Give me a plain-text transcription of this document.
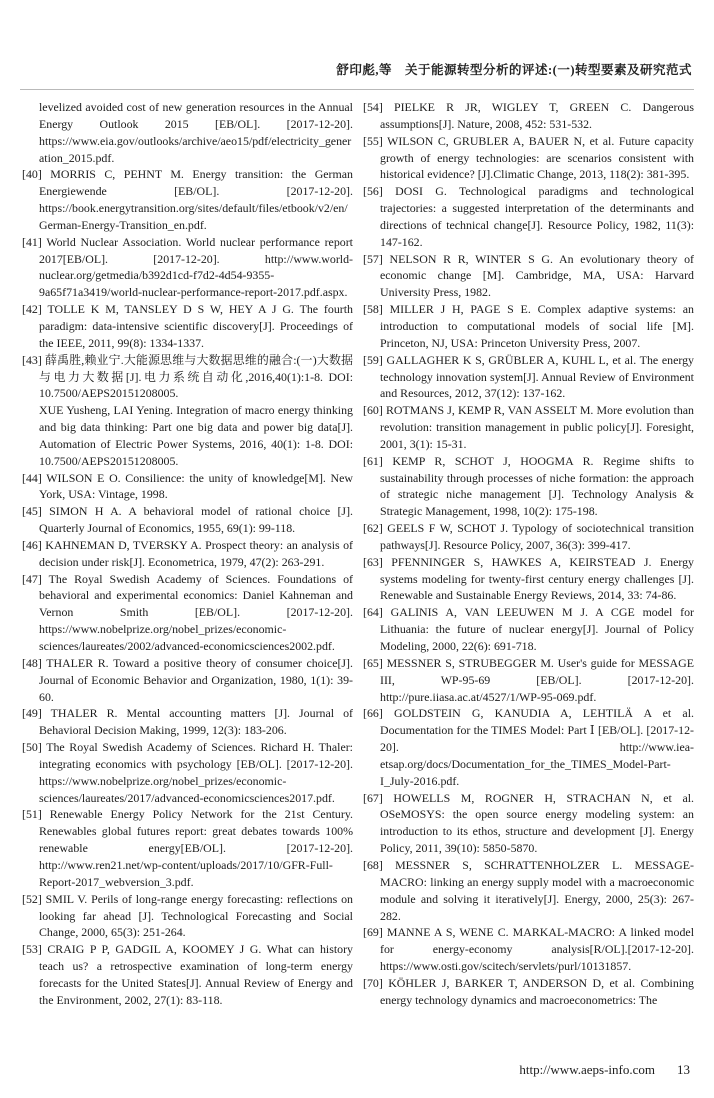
舒印彪,等　关于能源转型分析的评述:(一)转型要素及研究范式
levelized avoided cost of new generation resources in the Annual Energy Outlook 2015 [EB/OL]. [2017-12-20]. https://www.eia.gov/outlooks/archive/aeo15/pdf/electricity_generation_2015.pdf.
[40] MORRIS C, PEHNT M. Energy transition: the German Energiewende [EB/OL]. [2017-12-20]. https://book.energytransition.org/sites/default/files/etbook/v2/en/German-Energy-Transition_en.pdf.
[41] World Nuclear Association. World nuclear performance report 2017[EB/OL]. [2017-12-20]. http://www.world-nuclear.org/getmedia/b392d1cd-f7d2-4d54-9355-9a65f71a3419/world-nuclear-performance-report-2017.pdf.aspx.
[42] TOLLE K M, TANSLEY D S W, HEY A J G. The fourth paradigm: data-intensive scientific discovery[J]. Proceedings of the IEEE, 2011, 99(8): 1334-1337.
[43] 薛禹胜,赖业宁.大能源思维与大数据思维的融合:(一)大数据与电力大数据[J].电力系统自动化,2016,40(1):1-8. DOI: 10.7500/AEPS20151208005.
XUE Yusheng, LAI Yening. Integration of macro energy thinking and big data thinking: Part one big data and power big data[J]. Automation of Electric Power Systems, 2016, 40(1): 1-8. DOI: 10.7500/AEPS20151208005.
[44] WILSON E O. Consilience: the unity of knowledge[M]. New York, USA: Vintage, 1998.
[45] SIMON H A. A behavioral model of rational choice [J]. Quarterly Journal of Economics, 1955, 69(1): 99-118.
[46] KAHNEMAN D, TVERSKY A. Prospect theory: an analysis of decision under risk[J]. Econometrica, 1979, 47(2): 263-291.
[47] The Royal Swedish Academy of Sciences. Foundations of behavioral and experimental economics: Daniel Kahneman and Vernon Smith [EB/OL]. [2017-12-20]. https://www.nobelprize.org/nobel_prizes/economic-sciences/laureates/2002/advanced-economicsciences2002.pdf.
[48] THALER R. Toward a positive theory of consumer choice[J]. Journal of Economic Behavior and Organization, 1980, 1(1): 39-60.
[49] THALER R. Mental accounting matters [J]. Journal of Behavioral Decision Making, 1999, 12(3): 183-206.
[50] The Royal Swedish Academy of Sciences. Richard H. Thaler: integrating economics with psychology [EB/OL]. [2017-12-20]. https://www.nobelprize.org/nobel_prizes/economic-sciences/laureates/2017/advanced-economicsciences2017.pdf.
[51] Renewable Energy Policy Network for the 21st Century. Renewables global futures report: great debates towards 100% renewable energy[EB/OL]. [2017-12-20]. http://www.ren21.net/wp-content/uploads/2017/10/GFR-Full-Report-2017_webversion_3.pdf.
[52] SMIL V. Perils of long-range energy forecasting: reflections on looking far ahead [J]. Technological Forecasting and Social Change, 2000, 65(3): 251-264.
[53] CRAIG P P, GADGIL A, KOOMEY J G. What can history teach us? a retrospective examination of long-term energy forecasts for the United States[J]. Annual Review of Energy and the Environment, 2002, 27(1): 83-118.
[54] PIELKE R JR, WIGLEY T, GREEN C. Dangerous assumptions[J]. Nature, 2008, 452: 531-532.
[55] WILSON C, GRUBLER A, BAUER N, et al. Future capacity growth of energy technologies: are scenarios consistent with historical evidence? [J].Climatic Change, 2013, 118(2): 381-395.
[56] DOSI G. Technological paradigms and technological trajectories: a suggested interpretation of the determinants and directions of technical change[J]. Resource Policy, 1982, 11(3): 147-162.
[57] NELSON R R, WINTER S G. An evolutionary theory of economic change [M]. Cambridge, MA, USA: Harvard University Press, 1982.
[58] MILLER J H, PAGE S E. Complex adaptive systems: an introduction to computational models of social life [M]. Princeton, NJ, USA: Princeton University Press, 2007.
[59] GALLAGHER K S, GRÜBLER A, KUHL L, et al. The energy technology innovation system[J]. Annual Review of Environment and Resources, 2012, 37(12): 137-162.
[60] ROTMANS J, KEMP R, VAN ASSELT M. More evolution than revolution: transition management in public policy[J]. Foresight, 2001, 3(1): 15-31.
[61] KEMP R, SCHOT J, HOOGMA R. Regime shifts to sustainability through processes of niche formation: the approach of strategic niche management [J]. Technology Analysis & Strategic Management, 1998, 10(2): 175-198.
[62] GEELS F W, SCHOT J. Typology of sociotechnical transition pathways[J]. Resource Policy, 2007, 36(3): 399-417.
[63] PFENNINGER S, HAWKES A, KEIRSTEAD J. Energy systems modeling for twenty-first century energy challenges [J]. Renewable and Sustainable Energy Reviews, 2014, 33: 74-86.
[64] GALINIS A, VAN LEEUWEN M J. A CGE model for Lithuania: the future of nuclear energy[J]. Journal of Policy Modeling, 2000, 22(6): 691-718.
[65] MESSNER S, STRUBEGGER M. User's guide for MESSAGE III, WP-95-69 [EB/OL]. [2017-12-20]. http://pure.iiasa.ac.at/4527/1/WP-95-069.pdf.
[66] GOLDSTEIN G, KANUDIA A, LEHTILÄ A et al. Documentation for the TIMES Model: Part Ⅰ [EB/OL]. [2017-12-20]. http://www.iea-etsap.org/docs/Documentation_for_the_TIMES_Model-Part-I_July-2016.pdf.
[67] HOWELLS M, ROGNER H, STRACHAN N, et al. OSeMOSYS: the open source energy modeling system: an introduction to its ethos, structure and development [J]. Energy Policy, 2011, 39(10): 5850-5870.
[68] MESSNER S, SCHRATTENHOLZER L. MESSAGE-MACRO: linking an energy supply model with a macroeconomic module and solving it iteratively[J]. Energy, 2000, 25(3): 267-282.
[69] MANNE A S, WENE C. MARKAL-MACRO: A linked model for energy-economy analysis[R/OL].[2017-12-20]. https://www.osti.gov/scitech/servlets/purl/10131857.
[70] KÖHLER J, BARKER T, ANDERSON D, et al. Combining energy technology dynamics and macroeconometrics: The
http://www.aeps-info.com 13
